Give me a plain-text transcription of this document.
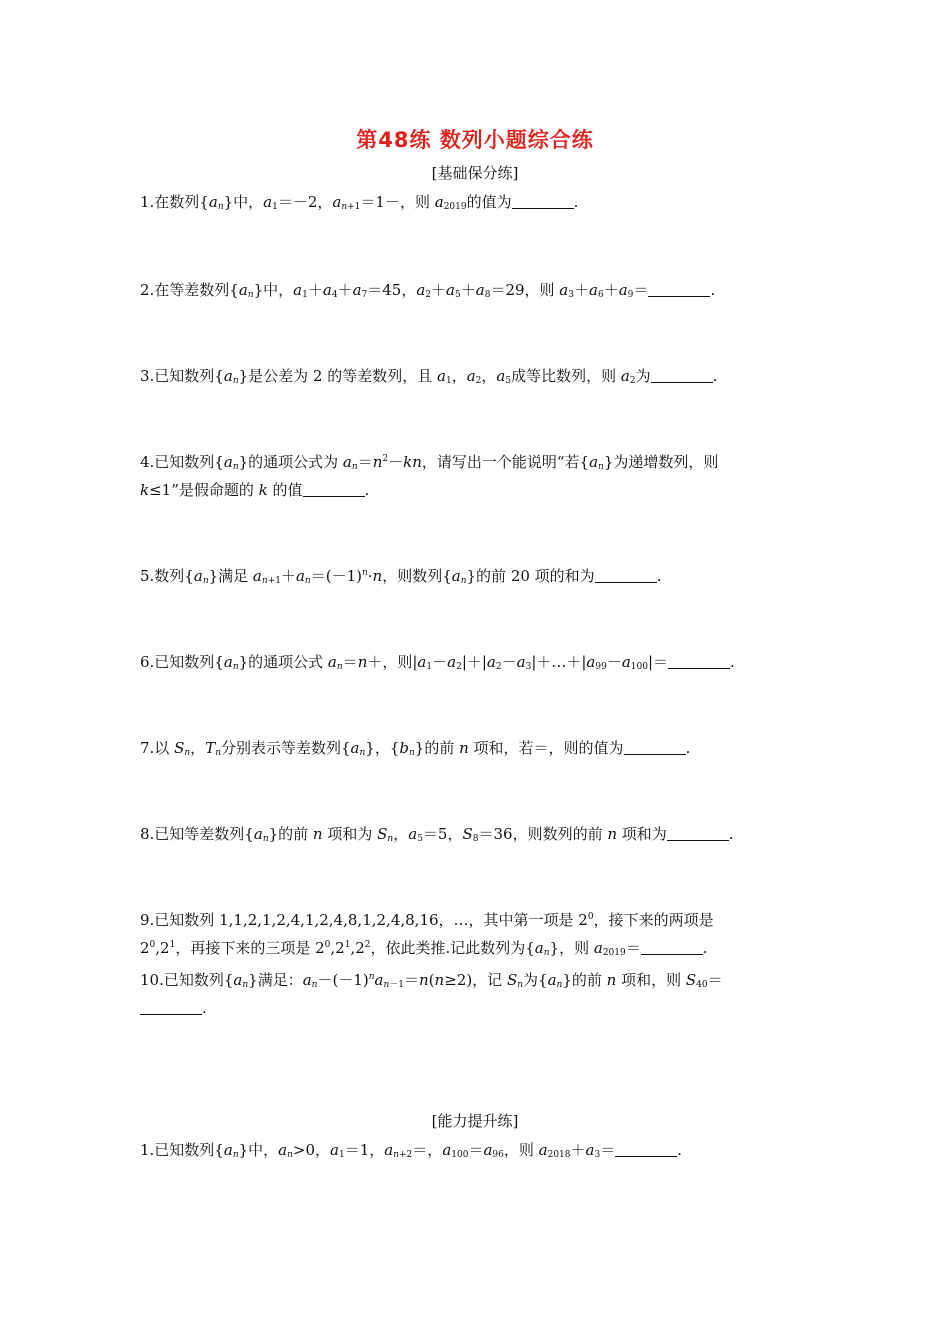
第48练 数列小题综合练
[基础保分练]
1.在数列$\{a_n\}$中，$a_1=-2$，$a_{n+1}=1-$，则 $a_{2019}$的值为	.
2.在等差数列$\{a_n\}$中，$a_1+a_4+a_7=45$，$a_2+a_5+a_8=29$，则 $a_3+a_6+a_9=$	.
3.已知数列$\{a_n\}$是公差为 2 的等差数列，且 $a_1$，$a_2$，$a_5$成等比数列，则 $a_2$为	.
4.已知数列$\{a_n\}$的通项公式为 $a_n=n^2-kn$，请写出一个能说明“若$\{a_n\}$为递增数列，则
k≤1”是假命题的 k 的值	.
5.数列$\{a_n\}$满足 $a_{n+1}+a_n=(-1)^n\cdot n$，则数列$\{a_n\}$的前 20 项的和为	.
6.已知数列$\{a_n\}$的通项公式 $a_n=n+$，则$|a_1-a_2|+|a_2-a_3|+\dots+|a_{99}-a_{100}|=$	.
7.以 $S_n$，$T_n$分别表示等差数列$\{a_n\}$，$\{b_n\}$的前 n 项和，若＝，则的值为	.
8.已知等差数列$\{a_n\}$的前 n 项和为 $S_n$，$a_5=5$，$S_8=36$，则数列的前 n 项和为	.
9.已知数列 1,1,2,1,2,4,1,2,4,8,1,2,4,8,16，…，其中第一项是 $2^0$，接下来的两项是
$2^0,2^1$，再接下来的三项是 $2^0,2^1,2^2$，依此类推.记此数列为$\{a_n\}$，则 $a_{2019}=$	.
10.已知数列$\{a_n\}$满足：$a_n-(-1)^na_{n-1}=n(n\ge 2)$，记 $S_n$为$\{a_n\}$的前 n 项和，则 $S_{40}=$
.
[能力提升练]
1.已知数列$\{a_n\}$中，$a_n>0$，$a_1=1$，$a_{n+2}=$，$a_{100}=a_{96}$，则 $a_{2018}+a_3=$	.
